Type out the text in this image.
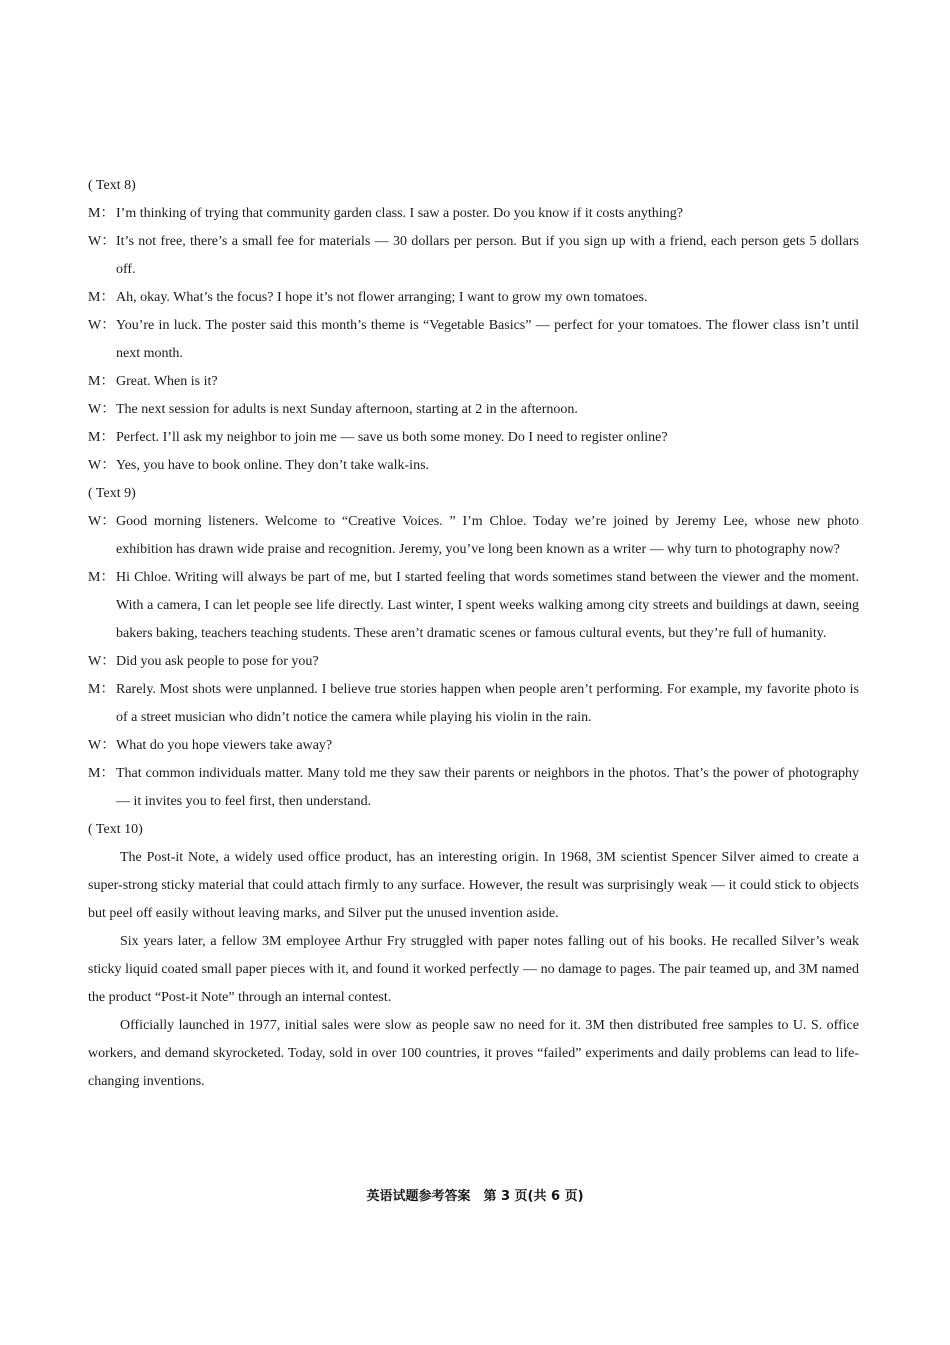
( Text 8)
M： I’m thinking of trying that community garden class. I saw a poster. Do you know if it costs anything?
W： It’s not free, there’s a small fee for materials — 30 dollars per person. But if you sign up with a friend, each person gets 5 dollars off.
M： Ah, okay. What’s the focus? I hope it’s not flower arranging; I want to grow my own tomatoes.
W： You’re in luck. The poster said this month’s theme is “Vegetable Basics” — perfect for your tomatoes. The flower class isn’t until next month.
M： Great. When is it?
W： The next session for adults is next Sunday afternoon, starting at 2 in the afternoon.
M： Perfect. I’ll ask my neighbor to join me — save us both some money. Do I need to register online?
W： Yes, you have to book online. They don’t take walk-ins.
( Text 9)
W： Good morning listeners. Welcome to “Creative Voices. ” I’m Chloe. Today we’re joined by Jeremy Lee, whose new photo exhibition has drawn wide praise and recognition. Jeremy, you’ve long been known as a writer — why turn to photography now?
M： Hi Chloe. Writing will always be part of me, but I started feeling that words sometimes stand between the viewer and the moment. With a camera, I can let people see life directly. Last winter, I spent weeks walking among city streets and buildings at dawn, seeing bakers baking, teachers teaching students. These aren’t dramatic scenes or famous cultural events, but they’re full of humanity.
W： Did you ask people to pose for you?
M： Rarely. Most shots were unplanned. I believe true stories happen when people aren’t performing. For example, my favorite photo is of a street musician who didn’t notice the camera while playing his violin in the rain.
W： What do you hope viewers take away?
M： That common individuals matter. Many told me they saw their parents or neighbors in the photos. That’s the power of photography — it invites you to feel first, then understand.
( Text 10)

The Post-it Note, a widely used office product, has an interesting origin. In 1968, 3M scientist Spencer Silver aimed to create a super-strong sticky material that could attach firmly to any surface. However, the result was surprisingly weak — it could stick to objects but peel off easily without leaving marks, and Silver put the unused invention aside.

Six years later, a fellow 3M employee Arthur Fry struggled with paper notes falling out of his books. He recalled Silver’s weak sticky liquid coated small paper pieces with it, and found it worked perfectly — no damage to pages. The pair teamed up, and 3M named the product “Post-it Note” through an internal contest.

Officially launched in 1977, initial sales were slow as people saw no need for it. 3M then distributed free samples to U. S. office workers, and demand skyrocketed. Today, sold in over 100 countries, it proves “failed” experiments and daily problems can lead to life-changing inventions.

英语试题参考答案　第 3 页(共 6 页)
